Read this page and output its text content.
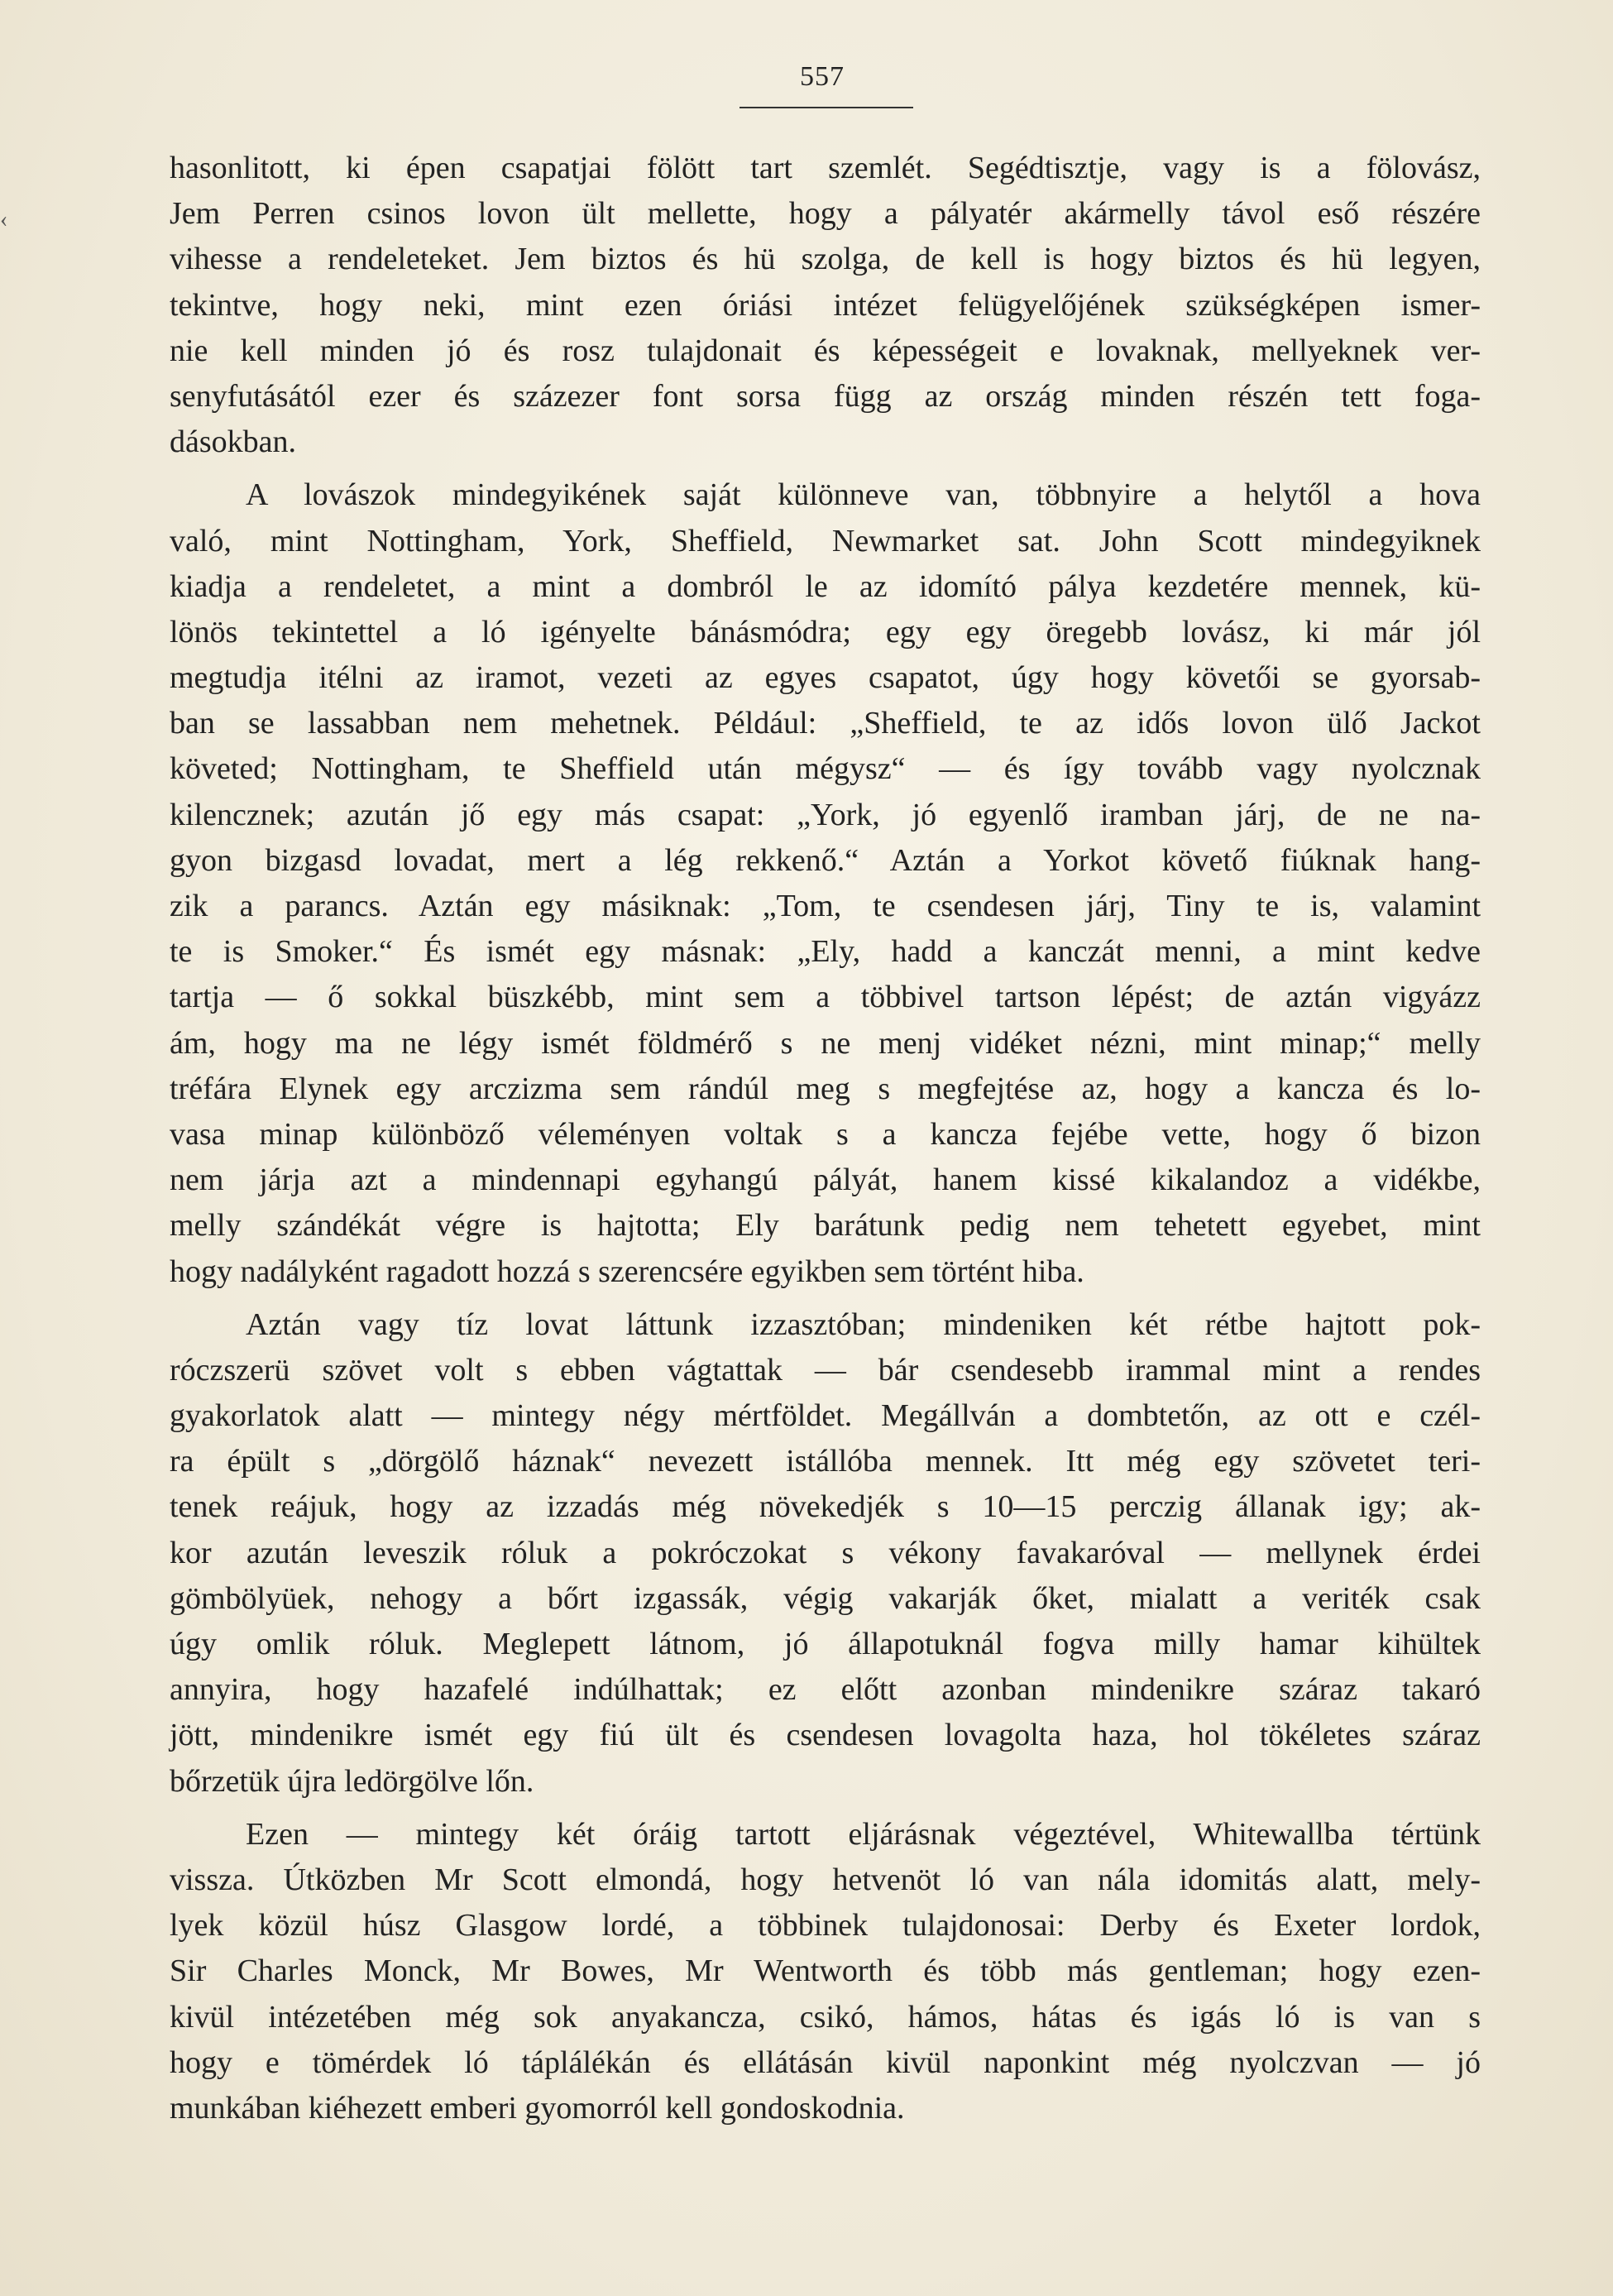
‹
557
hasonlitott, ki épen csapatjai fölött tart szemlét. Segédtisztje, vagy is a fölovász,
Jem Perren csinos lovon ült mellette, hogy a pályatér akármelly távol eső részére
vihesse a rendeleteket. Jem biztos és hü szolga, de kell is hogy biztos és hü legyen,
tekintve, hogy neki, mint ezen óriási intézet felügyelőjének szükségképen ismer-
nie kell minden jó és rosz tulajdonait és képességeit e lovaknak, mellyeknek ver-
senyfutásától ezer és százezer font sorsa függ az ország minden részén tett foga-
dásokban.
A lovászok mindegyikének saját különneve van, többnyire a helytől a hova
való, mint Nottingham, York, Sheffield, Newmarket sat. John Scott mindegyiknek
kiadja a rendeletet, a mint a dombról le az idomító pálya kezdetére mennek, kü-
lönös tekintettel a ló igényelte bánásmódra; egy egy öregebb lovász, ki már jól
megtudja itélni az iramot, vezeti az egyes csapatot, úgy hogy követői se gyorsab-
ban se lassabban nem mehetnek. Például: „Sheffield, te az idős lovon ülő Jackot
követed; Nottingham, te Sheffield után mégysz“ — és így tovább vagy nyolcznak
kilencznek; azután jő egy más csapat: „York, jó egyenlő iramban járj, de ne na-
gyon bizgasd lovadat, mert a lég rekkenő.“ Aztán a Yorkot követő fiúknak hang-
zik a parancs. Aztán egy másiknak: „Tom, te csendesen járj, Tiny te is, valamint
te is Smoker.“ És ismét egy másnak: „Ely, hadd a kanczát menni, a mint kedve
tartja — ő sokkal büszkébb, mint sem a többivel tartson lépést; de aztán vigyázz
ám, hogy ma ne légy ismét földmérő s ne menj vidéket nézni, mint minap;“ melly
tréfára Elynek egy arczizma sem rándúl meg s megfejtése az, hogy a kancza és lo-
vasa minap különböző véleményen voltak s a kancza fejébe vette, hogy ő bizon
nem járja azt a mindennapi egyhangú pályát, hanem kissé kikalandoz a vidékbe,
melly szándékát végre is hajtotta; Ely barátunk pedig nem tehetett egyebet, mint
hogy nadályként ragadott hozzá s szerencsére egyikben sem történt hiba.
Aztán vagy tíz lovat láttunk izzasztóban; mindeniken két rétbe hajtott pok-
róczszerü szövet volt s ebben vágtattak — bár csendesebb irammal mint a rendes
gyakorlatok alatt — mintegy négy mértföldet. Megállván a dombtetőn, az ott e czél-
ra épült s „dörgölő háznak“ nevezett istállóba mennek. Itt még egy szövetet teri-
tenek reájuk, hogy az izzadás még növekedjék s 10—15 perczig állanak igy; ak-
kor azután leveszik róluk a pokróczokat s vékony favakaróval — mellynek érdei
gömbölyüek, nehogy a bőrt izgassák, végig vakarják őket, mialatt a veriték csak
úgy omlik róluk. Meglepett látnom, jó állapotuknál fogva milly hamar kihültek
annyira, hogy hazafelé indúlhattak; ez előtt azonban mindenikre száraz takaró
jött, mindenikre ismét egy fiú ült és csendesen lovagolta haza, hol tökéletes száraz
bőrzetük újra ledörgölve lőn.
Ezen — mintegy két óráig tartott eljárásnak végeztével, Whitewallba tértünk
vissza. Útközben Mr Scott elmondá, hogy hetvenöt ló van nála idomitás alatt, mely-
lyek közül húsz Glasgow lordé, a többinek tulajdonosai: Derby és Exeter lordok,
Sir Charles Monck, Mr Bowes, Mr Wentworth és több más gentleman; hogy ezen-
kivül intézetében még sok anyakancza, csikó, hámos, hátas és igás ló is van s
hogy e tömérdek ló táplálékán és ellátásán kivül naponkint még nyolczvan — jó
munkában kiéhezett emberi gyomorról kell gondoskodnia.
